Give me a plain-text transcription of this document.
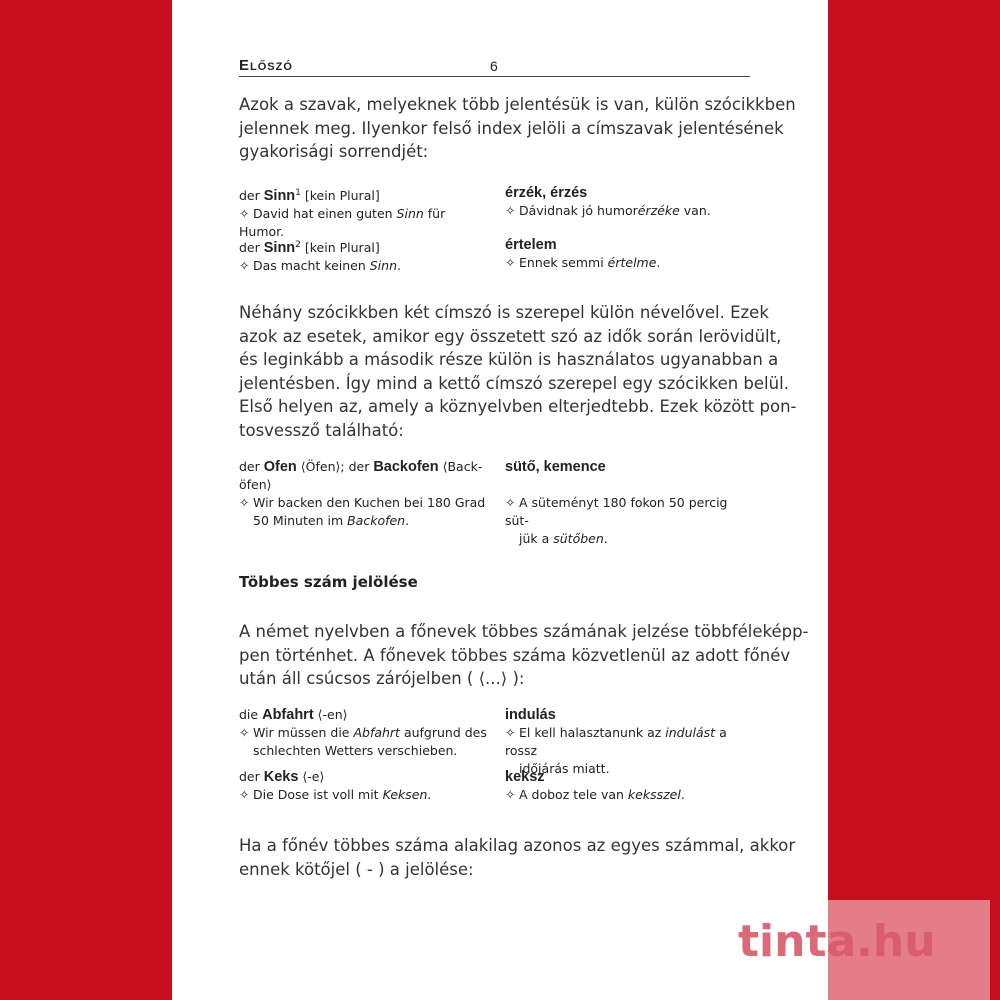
Előszó	6
Azok a szavak, melyeknek több jelentésük is van, külön szócikkben
jelennek meg. Ilyenkor felső index jelöli a címszavak jelentésének
gyakorisági sorrendjét:
der Sinn$^1$ [kein Plural]
✧ David hat einen guten Sinn für Humor.
érzék, érzés
✧ Dávidnak jó humorérzéke van.
der Sinn$^2$ [kein Plural]
✧ Das macht keinen Sinn.
értelem
✧ Ennek semmi értelme.
Néhány szócikkben két címszó is szerepel külön névelővel. Ezek
azok az esetek, amikor egy összetett szó az idők során lerövidült,
és leginkább a második része külön is használatos ugyanabban a
jelentésben. Így mind a kettő címszó szerepel egy szócikken belül.
Első helyen az, amely a köznyelvben elterjedtebb. Ezek között pon-
tosvessző található:
der Ofen ⟨Öfen⟩; der Backofen ⟨Back-
öfen⟩
✧ Wir backen den Kuchen bei 180 Grad
50 Minuten im Backofen.
sütő, kemence
✧ A süteményt 180 fokon 50 percig süt-
jük a sütőben.
Többes szám jelölése
A német nyelvben a főnevek többes számának jelzése többféleképp-
pen történhet. A főnevek többes száma közvetlenül az adott főnév
után áll csúcsos zárójelben ( ⟨...⟩ ):
die Abfahrt ⟨-en⟩
✧ Wir müssen die Abfahrt aufgrund des
schlechten Wetters verschieben.
indulás
✧ El kell halasztanunk az indulást a rossz
időjárás miatt.
der Keks ⟨-e⟩
✧ Die Dose ist voll mit Keksen.
keksz
✧ A doboz tele van keksszel.
Ha a főnév többes száma alakilag azonos az egyes számmal, akkor
ennek kötőjel ( - ) a jelölése:
tinta.hu
